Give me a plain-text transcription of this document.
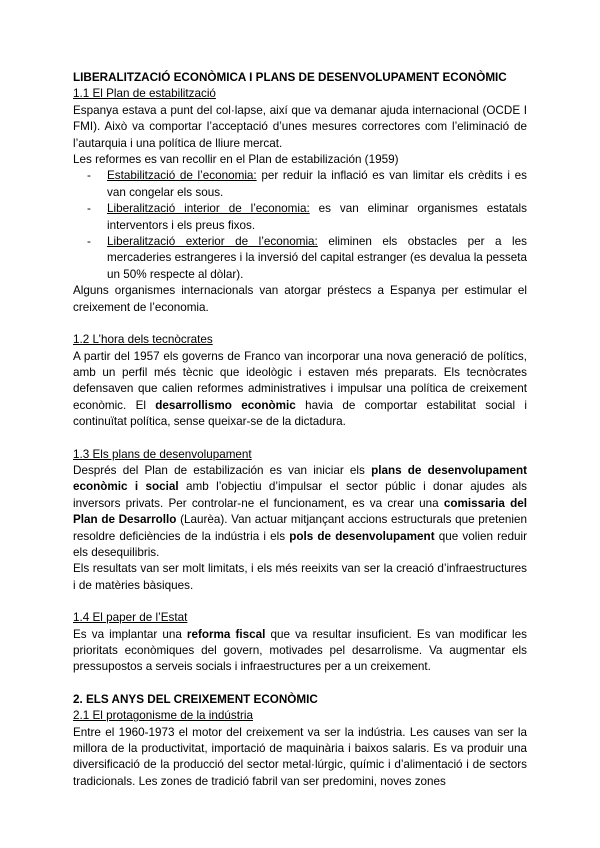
LIBERALITZACIÓ ECONÒMICA I PLANS DE DESENVOLUPAMENT ECONÒMIC
1.1 El Plan de estabilització

Espanya estava a punt del col·lapse, així que va demanar ajuda internacional (OCDE I FMI). Això va comportar l’acceptació d’unes mesures correctores com l’eliminació de l’autarquia i una política de lliure mercat.

Les reformes es van recollir en el Plan de estabilización (1959)

- Estabilització de l’economia: per reduir la inflació es van limitar els crèdits i es van congelar els sous.
- Liberalització interior de l’economia: es van eliminar organismes estatals interventors i els preus fixos.
- Liberalització exterior de l’economia: eliminen els obstacles per a les mercaderies estrangeres i la inversió del capital estranger (es devalua la pesseta un 50% respecte al dòlar).

Alguns organismes internacionals van atorgar préstecs a Espanya per estimular el creixement de l’economia.

1.2 L’hora dels tecnòcrates

A partir del 1957 els governs de Franco van incorporar una nova generació de polítics, amb un perfil més tècnic que ideològic i estaven més preparats. Els tecnòcrates defensaven que calien reformes administratives i impulsar una política de creixement econòmic. El desarrollismo econòmic havia de comportar estabilitat social i continuïtat política, sense queixar-se de la dictadura.

1.3 Els plans de desenvolupament

Després del Plan de estabilización es van iniciar els plans de desenvolupament econòmic i social amb l’objectiu d’impulsar el sector públic i donar ajudes als inversors privats. Per controlar-ne el funcionament, es va crear una comissaria del Plan de Desarrollo (Laurèa). Van actuar mitjançant accions estructurals que pretenien resoldre deficiències de la indústria i els pols de desenvolupament que volien reduir els desequilibris.

Els resultats van ser molt limitats, i els més reeixits van ser la creació d’infraestructures i de matèries bàsiques.

1.4 El paper de l’Estat

Es va implantar una reforma fiscal que va resultar insuficient. Es van modificar les prioritats econòmiques del govern, motivades pel desarrolisme. Va augmentar els pressupostos a serveis socials i infraestructures per a un creixement.

2. ELS ANYS DEL CREIXEMENT ECONÒMIC
2.1 El protagonisme de la indústria

Entre el 1960-1973 el motor del creixement va ser la indústria. Les causes van ser la millora de la productivitat, importació de maquinària i baixos salaris. Es va produir una diversificació de la producció del sector metal·lúrgic, químic i d’alimentació i de sectors tradicionals. Les zones de tradició fabril van ser predomini, noves zones
